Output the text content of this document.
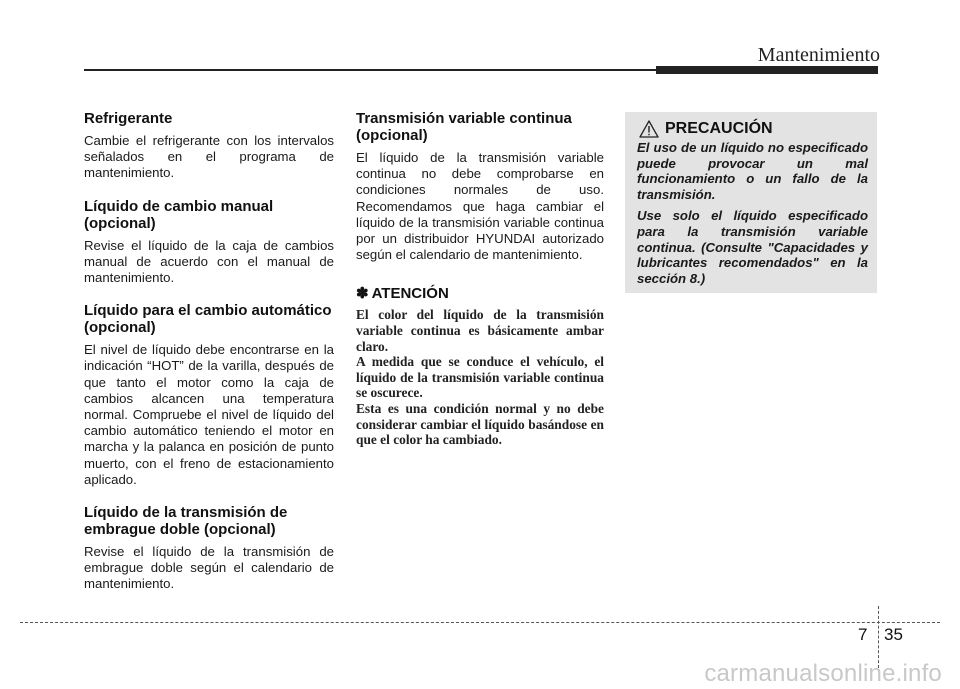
Mantenimiento
Refrigerante

Cambie el refrigerante con los intervalos señalados en el programa de mantenimiento.

Líquido de cambio manual (opcional)

Revise el líquido de la caja de cambios manual de acuerdo con el manual de mantenimiento.

Líquido para el cambio automático (opcional)

El nivel de líquido debe encontrarse en la indicación “HOT” de la varilla, después de que tanto el motor como la caja de cambios alcancen una temperatura normal. Compruebe el nivel de líquido del cambio automático teniendo el motor en marcha y la palanca en posición de punto muerto, con el freno de estacionamiento aplicado.

Líquido de la transmisión de embrague doble (opcional)

Revise el líquido de la transmisión de embrague doble según el calendario de mantenimiento.

Transmisión variable continua (opcional)

El líquido de la transmisión variable continua no debe comprobarse en condiciones normales de uso. Recomendamos que haga cambiar el líquido de la transmisión variable continua por un distribuidor HYUNDAI autorizado según el calendario de mantenimiento.

✽ ATENCIÓN

El color del líquido de la transmisión variable continua es básicamente ambar claro.

A medida que se conduce el vehículo, el líquido de la transmisión variable continua se oscurece.

Esta es una condición normal y no debe considerar cambiar el líquido basándose en que el color ha cambiado.

PRECAUCIÓN

El uso de un líquido no especificado puede provocar un mal funcionamiento o un fallo de la transmisión.

Use solo el líquido especificado para la transmisión variable continua. (Consulte "Capacidades y lubricantes recomendados" en la sección 8.)

7 35
carmanualsonline.info
